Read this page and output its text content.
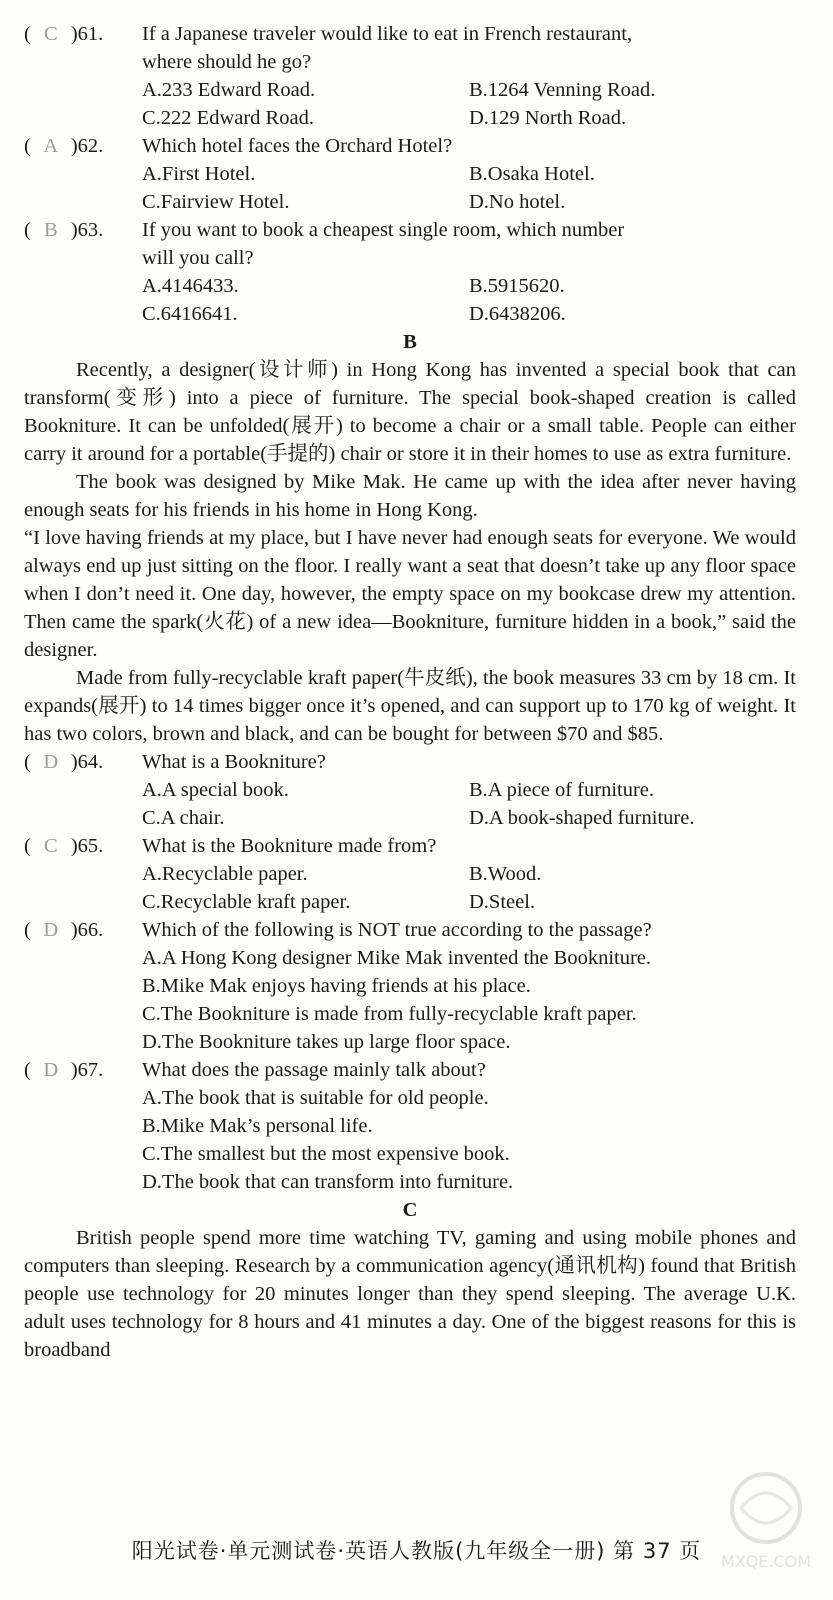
( C )61. If a Japanese traveler would like to eat in French restaurant,
where should he go?
A.233 Edward Road.	B.1264 Venning Road.
C.222 Edward Road.	D.129 North Road.
( A )62. Which hotel faces the Orchard Hotel?
A.First Hotel.	B.Osaka Hotel.
C.Fairview Hotel.	D.No hotel.
( B )63. If you want to book a cheapest single room, which number
will you call?
A.4146433.	B.5915620.
C.6416641.	D.6438206.
B
Recently, a designer(设计师) in Hong Kong has invented a special book that can transform(变形) into a piece of furniture. The special book-shaped creation is called Bookniture. It can be unfolded(展开) to become a chair or a small table. People can either carry it around for a portable(手提的) chair or store it in their homes to use as extra furniture.
The book was designed by Mike Mak. He came up with the idea after never having enough seats for his friends in his home in Hong Kong.
“I love having friends at my place, but I have never had enough seats for everyone. We would always end up just sitting on the floor. I really want a seat that doesn’t take up any floor space when I don’t need it. One day, however, the empty space on my bookcase drew my attention. Then came the spark(火花) of a new idea—Bookniture, furniture hidden in a book,” said the designer.
Made from fully-recyclable kraft paper(牛皮纸), the book measures 33 cm by 18 cm. It expands(展开) to 14 times bigger once it’s opened, and can support up to 170 kg of weight. It has two colors, brown and black, and can be bought for between $70 and $85.
( D )64. What is a Bookniture?
A.A special book.	B.A piece of furniture.
C.A chair.	D.A book-shaped furniture.
( C )65. What is the Bookniture made from?
A.Recyclable paper.	B.Wood.
C.Recyclable kraft paper.	D.Steel.
( D )66. Which of the following is NOT true according to the passage?
A.A Hong Kong designer Mike Mak invented the Bookniture.
B.Mike Mak enjoys having friends at his place.
C.The Bookniture is made from fully-recyclable kraft paper.
D.The Bookniture takes up large floor space.
( D )67. What does the passage mainly talk about?
A.The book that is suitable for old people.
B.Mike Mak’s personal life.
C.The smallest but the most expensive book.
D.The book that can transform into furniture.
C
British people spend more time watching TV, gaming and using mobile phones and computers than sleeping. Research by a communication agency(通讯机构) found that British people use technology for 20 minutes longer than they spend sleeping. The average U.K. adult uses technology for 8 hours and 41 minutes a day. One of the biggest reasons for this is broadband
MXQE.COM
阳光试卷·单元测试卷·英语人教版(九年级全一册) 第 37 页
